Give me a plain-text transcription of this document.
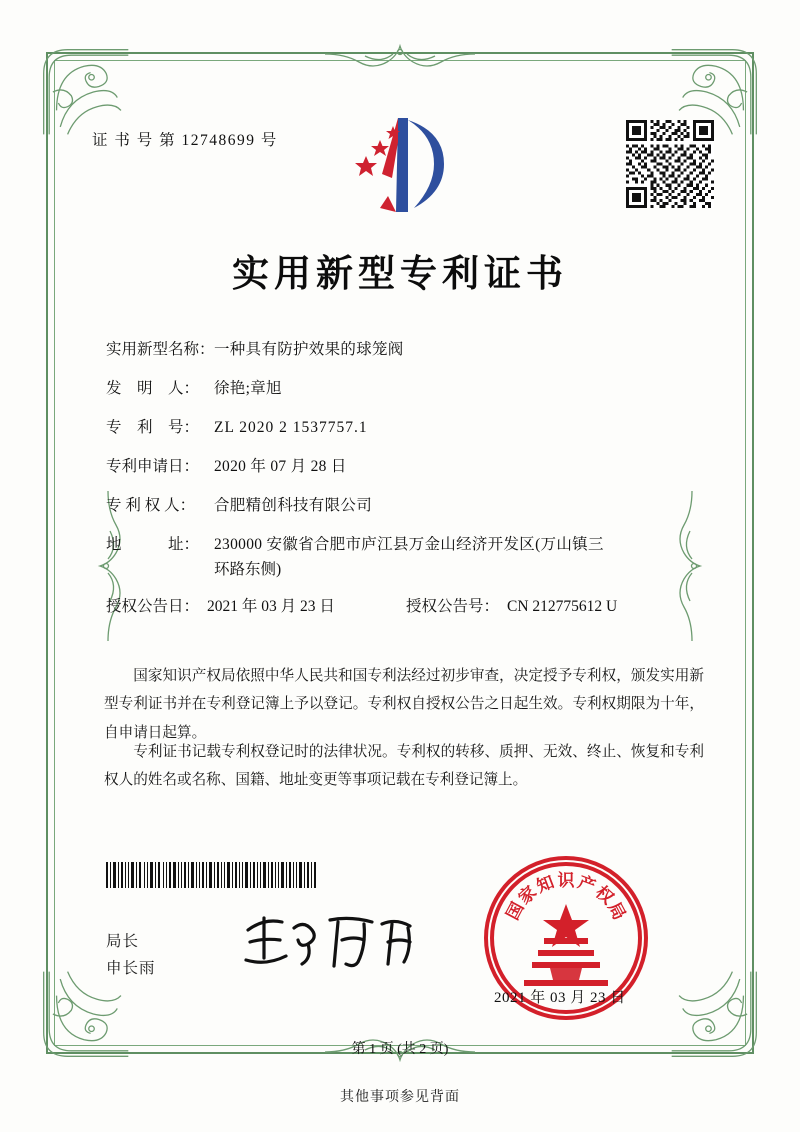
证 书 号 第 12748699 号
实用新型专利证书
实用新型名称： 一种具有防护效果的球笼阀
发　明　人： 徐艳;章旭
专　利　号： ZL 2020 2 1537757.1
专利申请日： 2020 年 07 月 28 日
专 利 权 人：	合肥精创科技有限公司
地　　　址： 230000 安徽省合肥市庐江县万金山经济开发区(万山镇三
环路东侧)
授权公告日： 2021 年 03 月 23 日	授权公告号： CN 212775612 U
国家知识产权局依照中华人民共和国专利法经过初步审查，决定授予专利权，颁发实用新型专利证书并在专利登记簿上予以登记。专利权自授权公告之日起生效。专利权期限为十年，自申请日起算。
专利证书记载专利权登记时的法律状况。专利权的转移、质押、无效、终止、恢复和专利权人的姓名或名称、国籍、地址变更等事项记载在专利登记簿上。
局长
申长雨
国
家
知 识 产
权
局
2021 年 03 月 23 日
第 1 页 (共 2 页)
其他事项参见背面
